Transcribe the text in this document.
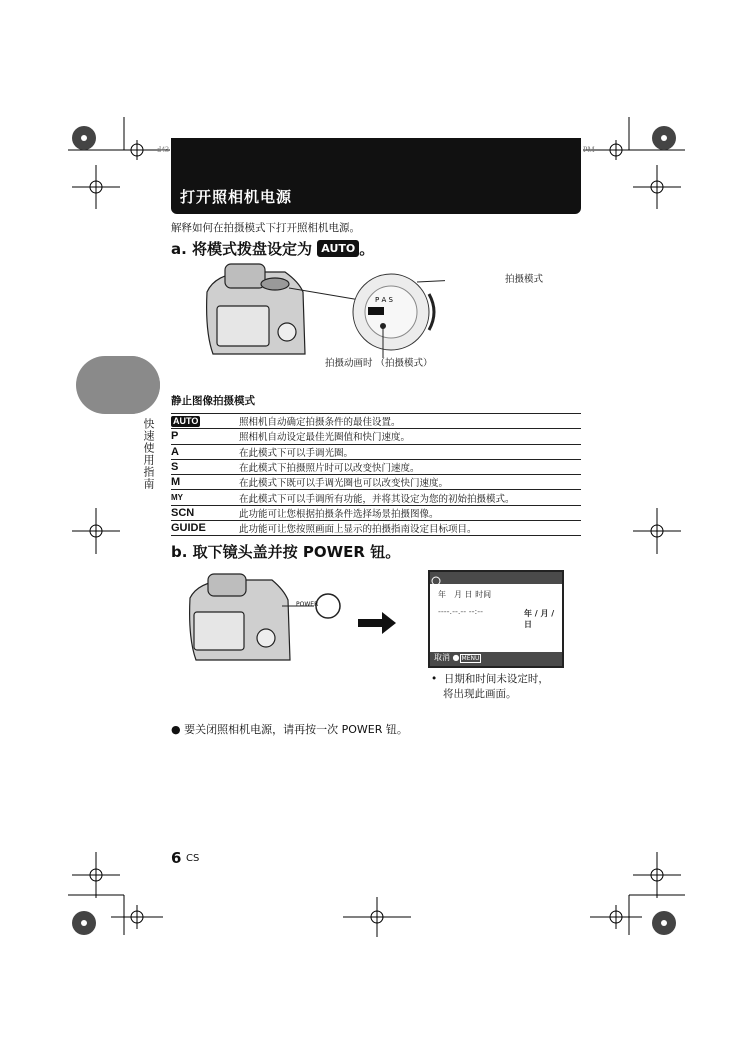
d43	PM
打开照相机电源
解释如何在拍摄模式下打开照相机电源。
a. 将模式拨盘设定为 AUTO 。
P A S
拍摄模式
拍摄动画时 （拍摄模式）
快速使用指南
静止图像拍摄模式
AUTO	照相机自动确定拍摄条件的最佳设置。
P	照相机自动设定最佳光圈值和快门速度。
A	在此模式下可以手调光圈。
S	在此模式下拍摄照片时可以改变快门速度。
M	在此模式下既可以手调光圈也可以改变快门速度。
MY	在此模式下可以手调所有功能，并将其设定为您的初始拍摄模式。
SCN	此功能可让您根据拍摄条件选择场景拍摄图像。
GUIDE	此功能可让您按照画面上显示的拍摄指南设定目标项目。
b. 取下镜头盖并按 POWER 钮。
POWER
年　月 日 时间
----.--.-- --:--	年 / 月 / 日
取消 ● MENU
•  日期和时间未设定时，
将出现此画面。
● 要关闭照相机电源，请再按一次 POWER 钮。
6 CS
